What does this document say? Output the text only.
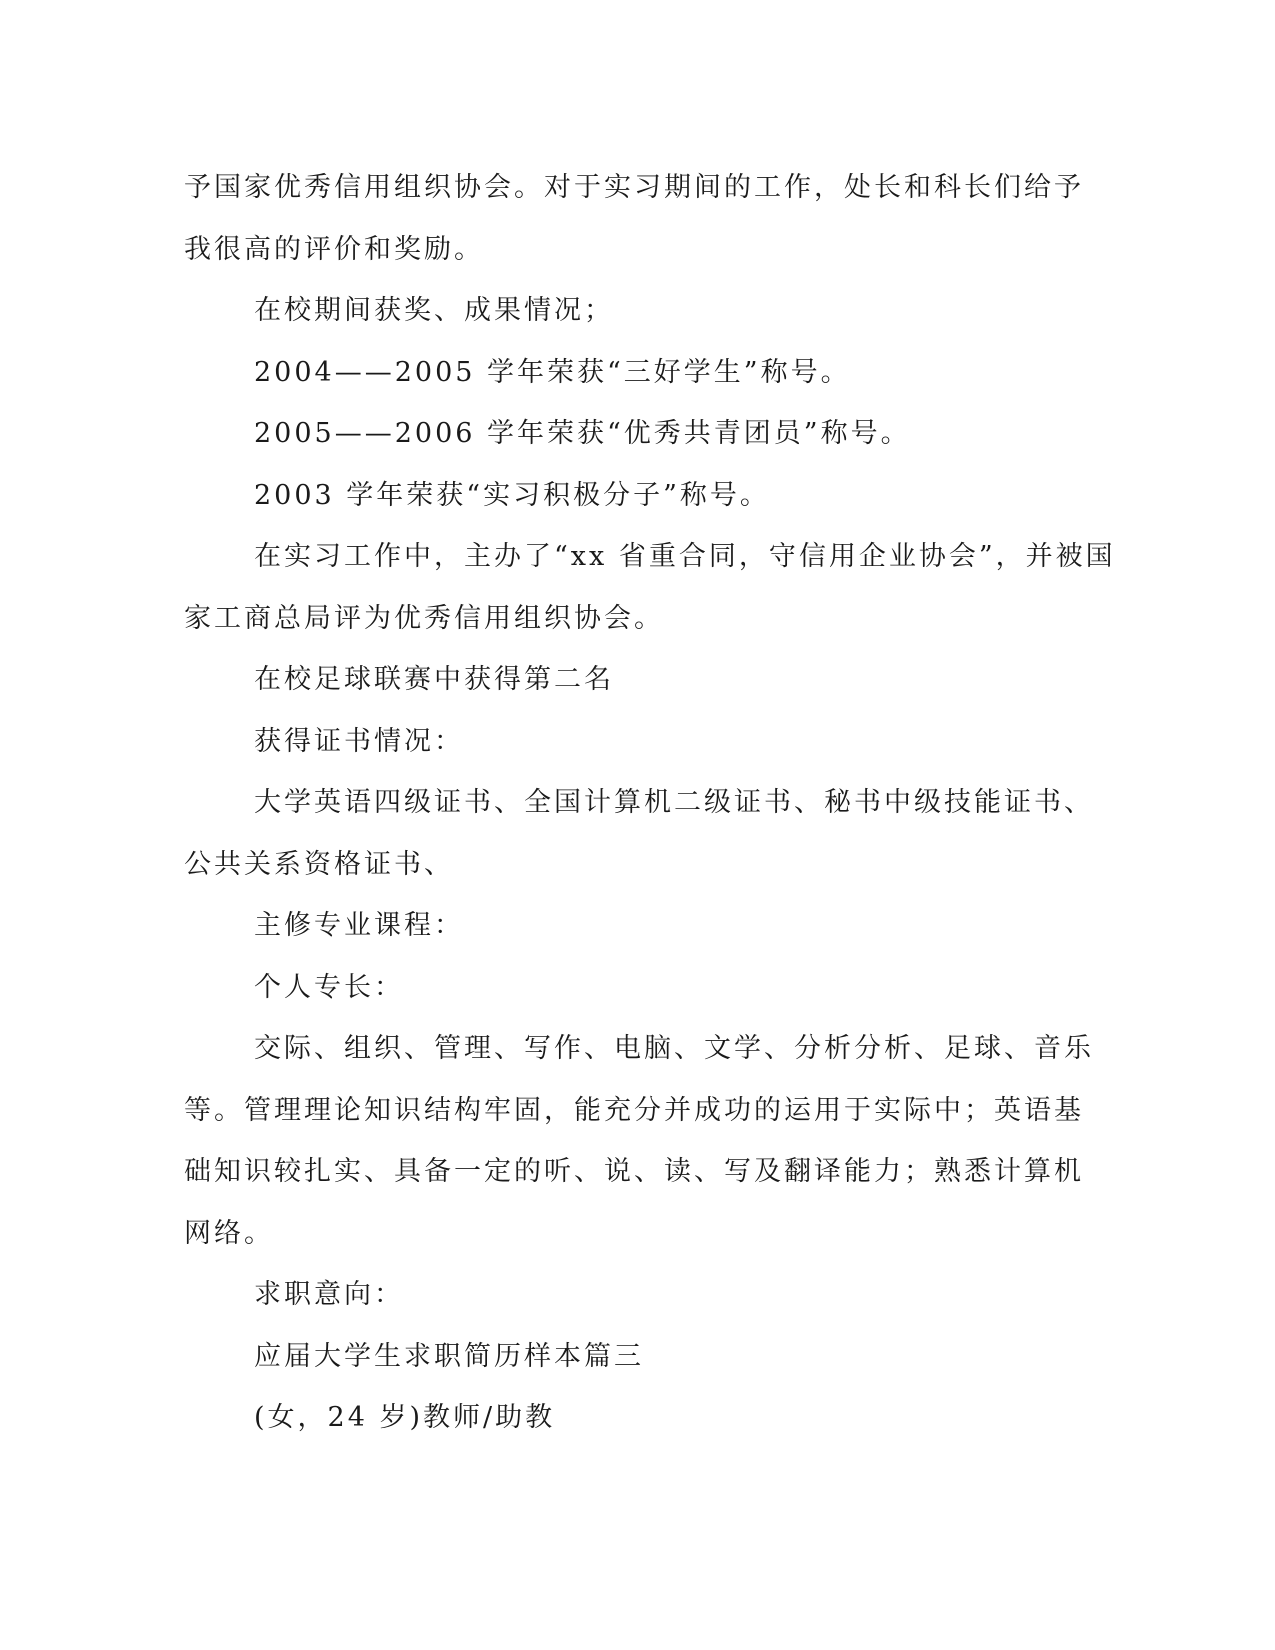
予国家优秀信用组织协会。对于实习期间的工作，处长和科长们给予

我很高的评价和奖励。

在校期间获奖、成果情况；

2004——2005 学年荣获“三好学生”称号。

2005——2006 学年荣获“优秀共青团员”称号。

2003 学年荣获“实习积极分子”称号。

在实习工作中，主办了“xx 省重合同，守信用企业协会”，并被国

家工商总局评为优秀信用组织协会。

在校足球联赛中获得第二名

获得证书情况：

大学英语四级证书、全国计算机二级证书、秘书中级技能证书、

公共关系资格证书、

主修专业课程：

个人专长：

交际、组织、管理、写作、电脑、文学、分析分析、足球、音乐

等。管理理论知识结构牢固，能充分并成功的运用于实际中；英语基

础知识较扎实、具备一定的听、说、读、写及翻译能力；熟悉计算机

网络。

求职意向：

应届大学生求职简历样本篇三

(女，24 岁)教师/助教
